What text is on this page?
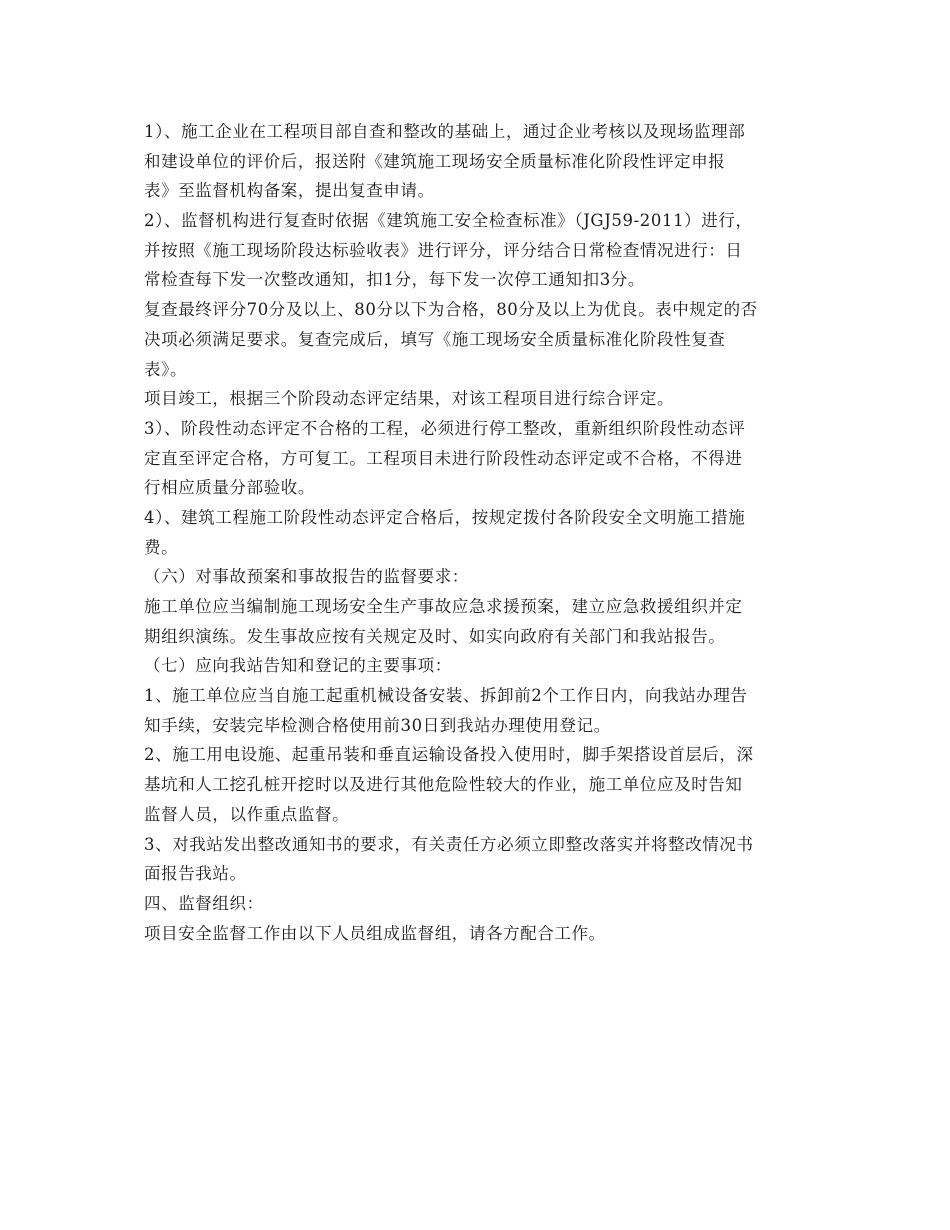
1）、施工企业在工程项目部自查和整改的基础上，通过企业考核以及现场监理部
和建设单位的评价后，报送附《建筑施工现场安全质量标准化阶段性评定申报
表》至监督机构备案，提出复查申请。
2）、监督机构进行复查时依据《建筑施工安全检查标准》（JGJ59-2011）进行，
并按照《施工现场阶段达标验收表》进行评分，评分结合日常检查情况进行：日
常检查每下发一次整改通知，扣1分，每下发一次停工通知扣3分。
复查最终评分70分及以上、80分以下为合格，80分及以上为优良。表中规定的否
决项必须满足要求。复查完成后，填写《施工现场安全质量标准化阶段性复查
表》。
项目竣工，根据三个阶段动态评定结果，对该工程项目进行综合评定。
3）、阶段性动态评定不合格的工程，必须进行停工整改，重新组织阶段性动态评
定直至评定合格，方可复工。工程项目未进行阶段性动态评定或不合格，不得进
行相应质量分部验收。
4）、建筑工程施工阶段性动态评定合格后，按规定拨付各阶段安全文明施工措施
费。
（六）对事故预案和事故报告的监督要求：
施工单位应当编制施工现场安全生产事故应急求援预案，建立应急救援组织并定
期组织演练。发生事故应按有关规定及时、如实向政府有关部门和我站报告。
（七）应向我站告知和登记的主要事项：
1、施工单位应当自施工起重机械设备安装、拆卸前2个工作日内，向我站办理告
知手续，安装完毕检测合格使用前30日到我站办理使用登记。
2、施工用电设施、起重吊装和垂直运输设备投入使用时，脚手架搭设首层后，深
基坑和人工挖孔桩开挖时以及进行其他危险性较大的作业，施工单位应及时告知
监督人员，以作重点监督。
3、对我站发出整改通知书的要求，有关责任方必须立即整改落实并将整改情况书
面报告我站。
四、监督组织：
项目安全监督工作由以下人员组成监督组，请各方配合工作。
